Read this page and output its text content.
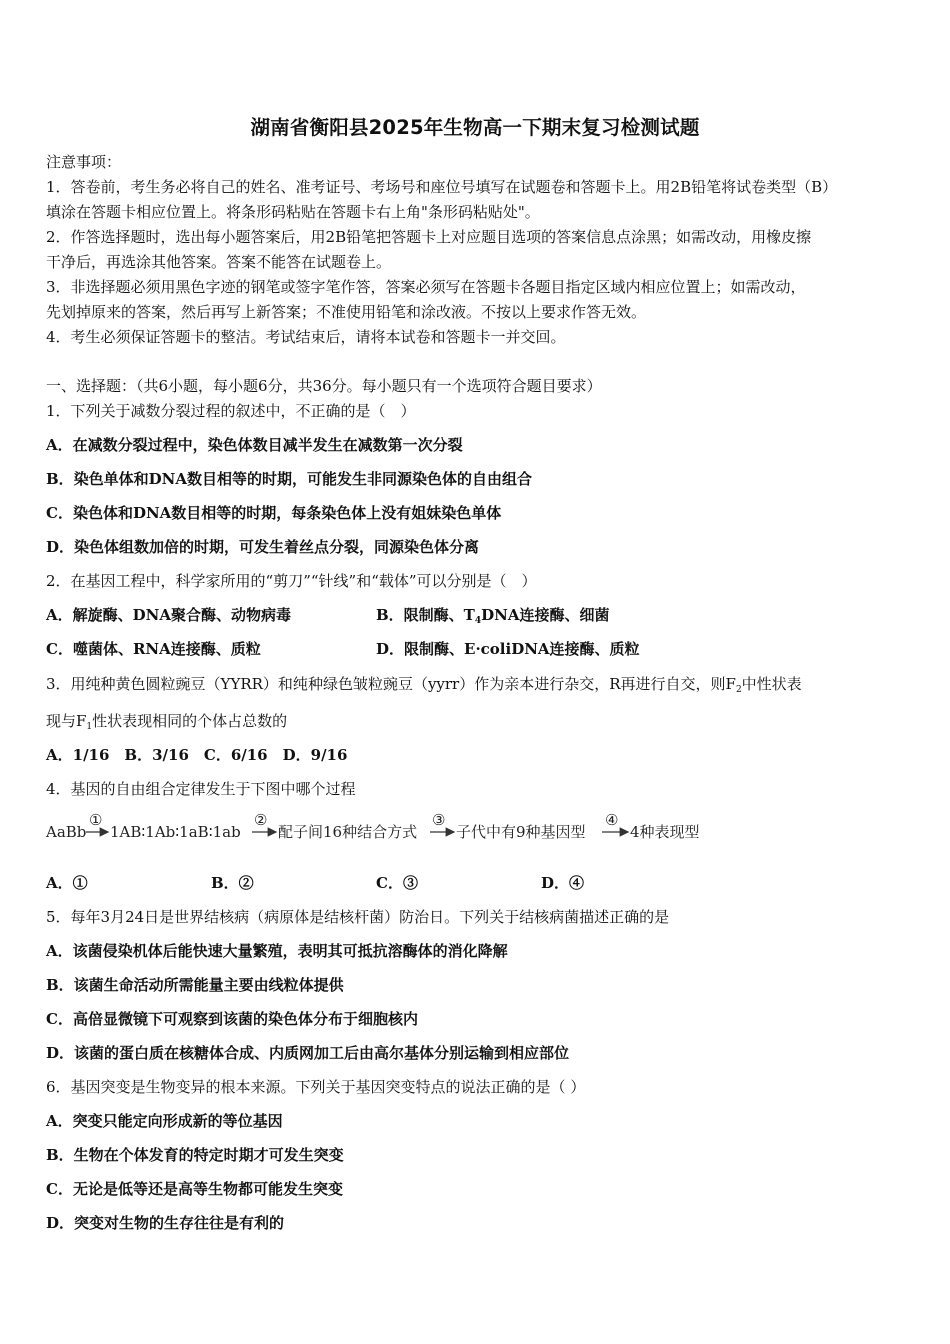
湖南省衡阳县2025年生物高一下期末复习检测试题
注意事项：
1．答卷前，考生务必将自己的姓名、准考证号、考场号和座位号填写在试题卷和答题卡上。用2B铅笔将试卷类型（B）
填涂在答题卡相应位置上。将条形码粘贴在答题卡右上角"条形码粘贴处"。
2．作答选择题时，选出每小题答案后，用2B铅笔把答题卡上对应题目选项的答案信息点涂黑；如需改动，用橡皮擦
干净后，再选涂其他答案。答案不能答在试题卷上。
3．非选择题必须用黑色字迹的钢笔或签字笔作答，答案必须写在答题卡各题目指定区域内相应位置上；如需改动，
先划掉原来的答案，然后再写上新答案；不准使用铅笔和涂改液。不按以上要求作答无效。
4．考生必须保证答题卡的整洁。考试结束后，请将本试卷和答题卡一并交回。
一、选择题：（共6小题，每小题6分，共36分。每小题只有一个选项符合题目要求）
1．下列关于减数分裂过程的叙述中，不正确的是（　）
A．在减数分裂过程中，染色体数目减半发生在减数第一次分裂
B．染色单体和DNA数目相等的时期，可能发生非同源染色体的自由组合
C．染色体和DNA数目相等的时期，每条染色体上没有姐妹染色单体
D．染色体组数加倍的时期，可发生着丝点分裂，同源染色体分离
2．在基因工程中，科学家所用的“剪刀”“针线”和“载体”可以分别是（　）
A．解旋酶、DNA聚合酶、动物病毒	B．限制酶、$T_4DNA$连接酶、细菌
C．噬菌体、RNA连接酶、质粒	D．限制酶、E·coliDNA连接酶、质粒
3．用纯种黄色圆粒豌豆（YYRR）和纯种绿色皱粒豌豆（yyrr）作为亲本进行杂交，R再进行自交，则$F_2$中性状表
现与$F_1$性状表现相同的个体占总数的
A．1/16　B．3/16　C．6/16　D．9/16
4．基因的自由组合定律发生于下图中哪个过程
AaBb
①
1AB∶1Ab∶1aB∶1ab
②
配子间16种结合方式
③
子代中有9种基因型
④
4种表现型
A．①	B．②	C．③	D．④
5．每年3月24日是世界结核病（病原体是结核杆菌）防治日。下列关于结核病菌描述正确的是
A．该菌侵染机体后能快速大量繁殖，表明其可抵抗溶酶体的消化降解
B．该菌生命活动所需能量主要由线粒体提供
C．高倍显微镜下可观察到该菌的染色体分布于细胞核内
D．该菌的蛋白质在核糖体合成、内质网加工后由高尔基体分别运输到相应部位
6．基因突变是生物变异的根本来源。下列关于基因突变特点的说法正确的是（ ）
A．突变只能定向形成新的等位基因
B．生物在个体发育的特定时期才可发生突变
C．无论是低等还是高等生物都可能发生突变
D．突变对生物的生存往往是有利的
